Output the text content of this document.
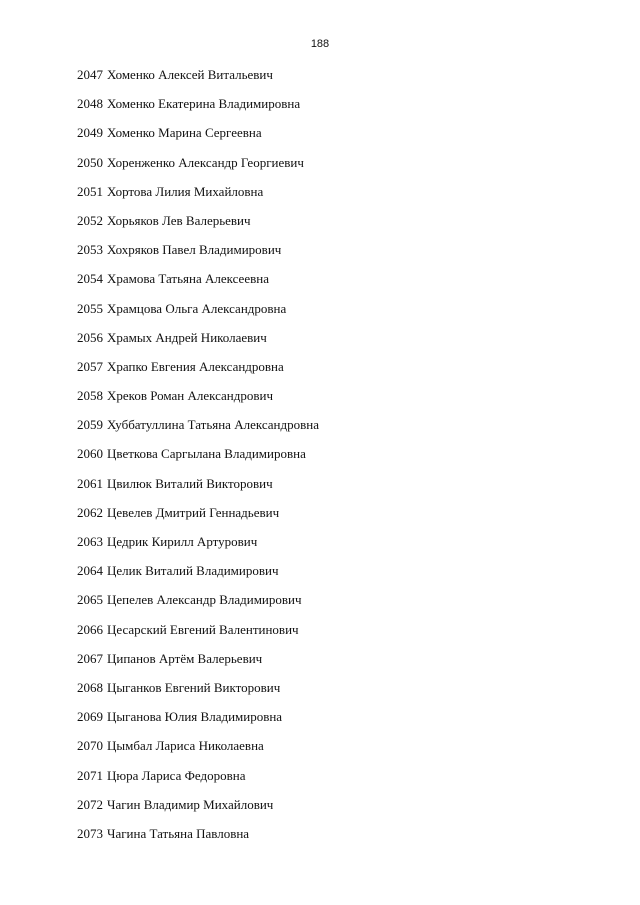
188
2047 Хоменко Алексей Витальевич
2048 Хоменко Екатерина Владимировна
2049 Хоменко Марина Сергеевна
2050 Хоренженко Александр Георгиевич
2051 Хортова Лилия Михайловна
2052 Хорьяков Лев Валерьевич
2053 Хохряков Павел Владимирович
2054 Храмова Татьяна Алексеевна
2055 Храмцова Ольга Александровна
2056 Храмых Андрей Николаевич
2057 Храпко Евгения Александровна
2058 Хреков Роман Александрович
2059 Хуббатуллина Татьяна Александровна
2060 Цветкова Саргылана Владимировна
2061 Цвилюк Виталий Викторович
2062 Цевелев Дмитрий Геннадьевич
2063 Цедрик Кирилл Артурович
2064 Целик Виталий Владимирович
2065 Цепелев Александр Владимирович
2066 Цесарский Евгений Валентинович
2067 Ципанов Артём Валерьевич
2068 Цыганков Евгений Викторович
2069 Цыганова Юлия Владимировна
2070 Цымбал Лариса Николаевна
2071 Цюра Лариса Федоровна
2072 Чагин Владимир Михайлович
2073 Чагина Татьяна Павловна
